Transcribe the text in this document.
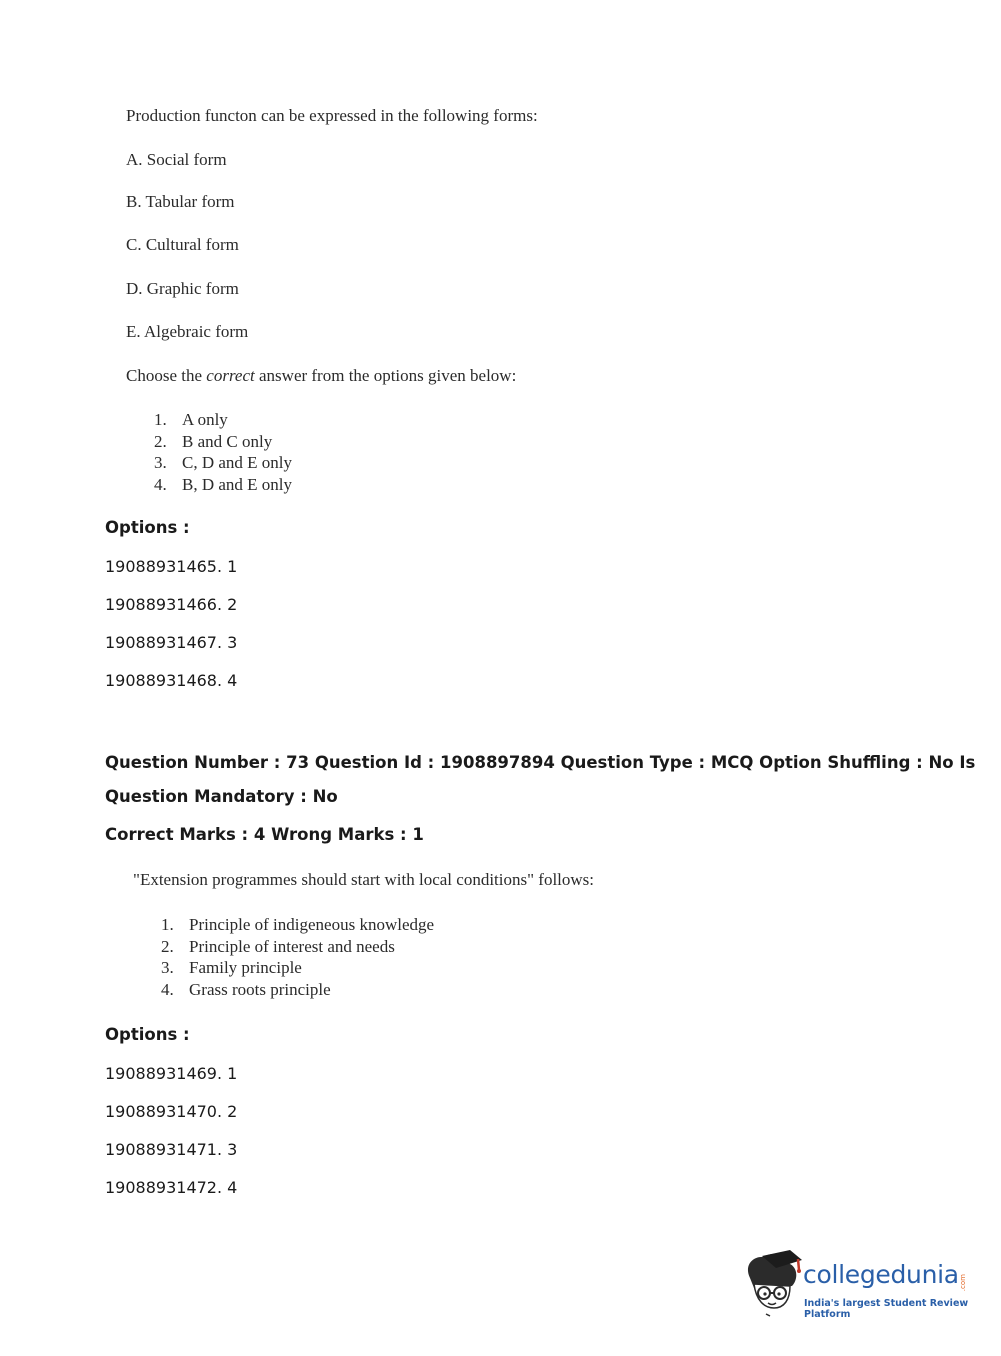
Production functon can be expressed in the following forms:
A. Social form
B. Tabular form
C. Cultural form
D. Graphic form
E. Algebraic form
Choose the correct answer from the options given below:
1. A only
2. B and C only
3. C, D and E only
4. B, D and E only
Options :
19088931465. 1
19088931466. 2
19088931467. 3
19088931468. 4
Question Number : 73 Question Id : 1908897894 Question Type : MCQ Option Shuffling : No Is
Question Mandatory : No
Correct Marks : 4 Wrong Marks : 1
"Extension programmes should start with local conditions" follows:
1. Principle of indigeneous knowledge
2. Principle of interest and needs
3. Family principle
4. Grass roots principle
Options :
19088931469. 1
19088931470. 2
19088931471. 3
19088931472. 4
collegedunia .com
India's largest Student Review Platform
